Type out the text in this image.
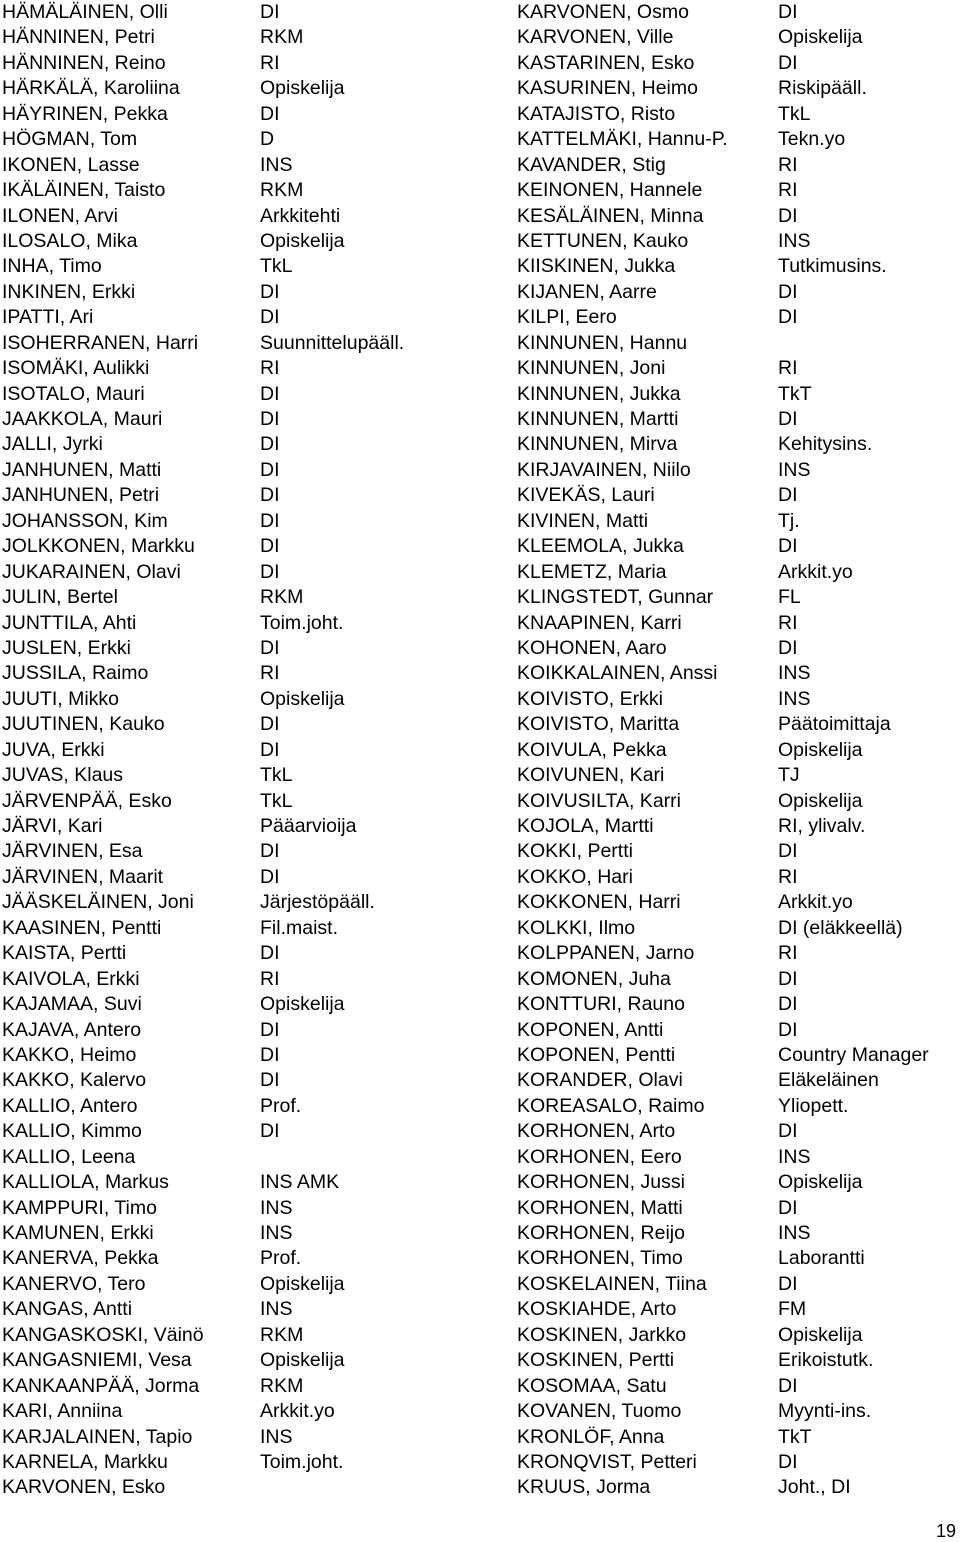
HÄMÄLÄINEN, Olli	DI
HÄNNINEN, Petri	RKM
HÄNNINEN, Reino	RI
HÄRKÄLÄ, Karoliina	Opiskelija
HÄYRINEN, Pekka	DI
HÖGMAN, Tom	D
IKONEN, Lasse	INS
IKÄLÄINEN, Taisto	RKM
ILONEN, Arvi	Arkkitehti
ILOSALO, Mika	Opiskelija
INHA, Timo	TkL
INKINEN, Erkki	DI
IPATTI, Ari	DI
ISOHERRANEN, Harri	Suunnittelupääll.
ISOMÄKI, Aulikki	RI
ISOTALO, Mauri	DI
JAAKKOLA, Mauri	DI
JALLI, Jyrki	DI
JANHUNEN, Matti	DI
JANHUNEN, Petri	DI
JOHANSSON, Kim	DI
JOLKKONEN, Markku	DI
JUKARAINEN, Olavi	DI
JULIN, Bertel	RKM
JUNTTILA, Ahti	Toim.joht.
JUSLEN, Erkki	DI
JUSSILA, Raimo	RI
JUUTI, Mikko	Opiskelija
JUUTINEN, Kauko	DI
JUVA, Erkki	DI
JUVAS, Klaus	TkL
JÄRVENPÄÄ, Esko	TkL
JÄRVI, Kari	Pääarvioija
JÄRVINEN, Esa	DI
JÄRVINEN, Maarit	DI
JÄÄSKELÄINEN, Joni	Järjestöpääll.
KAASINEN, Pentti	Fil.maist.
KAISTA, Pertti	DI
KAIVOLA, Erkki	RI
KAJAMAA, Suvi	Opiskelija
KAJAVA, Antero	DI
KAKKO, Heimo	DI
KAKKO, Kalervo	DI
KALLIO, Antero	Prof.
KALLIO, Kimmo	DI
KALLIO, Leena
KALLIOLA, Markus	INS AMK
KAMPPURI, Timo	INS
KAMUNEN, Erkki	INS
KANERVA, Pekka	Prof.
KANERVO, Tero	Opiskelija
KANGAS, Antti	INS
KANGASKOSKI, Väinö	RKM
KANGASNIEMI, Vesa	Opiskelija
KANKAANPÄÄ, Jorma	RKM
KARI, Anniina	Arkkit.yo
KARJALAINEN, Tapio	INS
KARNELA, Markku	Toim.joht.
KARVONEN, Esko
KARVONEN, Osmo	DI
KARVONEN, Ville	Opiskelija
KASTARINEN, Esko	DI
KASURINEN, Heimo	Riskipääll.
KATAJISTO, Risto	TkL
KATTELMÄKI, Hannu-P.	Tekn.yo
KAVANDER, Stig	RI
KEINONEN, Hannele	RI
KESÄLÄINEN, Minna	DI
KETTUNEN, Kauko	INS
KIISKINEN, Jukka	Tutkimusins.
KIJANEN, Aarre	DI
KILPI, Eero	DI
KINNUNEN, Hannu
KINNUNEN, Joni	RI
KINNUNEN, Jukka	TkT
KINNUNEN, Martti	DI
KINNUNEN, Mirva	Kehitysins.
KIRJAVAINEN, Niilo	INS
KIVEKÄS, Lauri	DI
KIVINEN, Matti	Tj.
KLEEMOLA, Jukka	DI
KLEMETZ, Maria	Arkkit.yo
KLINGSTEDT, Gunnar	FL
KNAAPINEN, Karri	RI
KOHONEN, Aaro	DI
KOIKKALAINEN, Anssi	INS
KOIVISTO, Erkki	INS
KOIVISTO, Maritta	Päätoimittaja
KOIVULA, Pekka	Opiskelija
KOIVUNEN, Kari	TJ
KOIVUSILTA, Karri	Opiskelija
KOJOLA, Martti	RI, ylivalv.
KOKKI, Pertti	DI
KOKKO, Hari	RI
KOKKONEN, Harri	Arkkit.yo
KOLKKI, Ilmo	DI (eläkkeellä)
KOLPPANEN, Jarno	RI
KOMONEN, Juha	DI
KONTTURI, Rauno	DI
KOPONEN, Antti	DI
KOPONEN, Pentti	Country Manager
KORANDER, Olavi	Eläkeläinen
KOREASALO, Raimo	Yliopett.
KORHONEN, Arto	DI
KORHONEN, Eero	INS
KORHONEN, Jussi	Opiskelija
KORHONEN, Matti	DI
KORHONEN, Reijo	INS
KORHONEN, Timo	Laborantti
KOSKELAINEN, Tiina	DI
KOSKIAHDE, Arto	FM
KOSKINEN, Jarkko	Opiskelija
KOSKINEN, Pertti	Erikoistutk.
KOSOMAA, Satu	DI
KOVANEN, Tuomo	Myynti-ins.
KRONLÖF, Anna	TkT
KRONQVIST, Petteri	DI
KRUUS, Jorma	Joht., DI
19
